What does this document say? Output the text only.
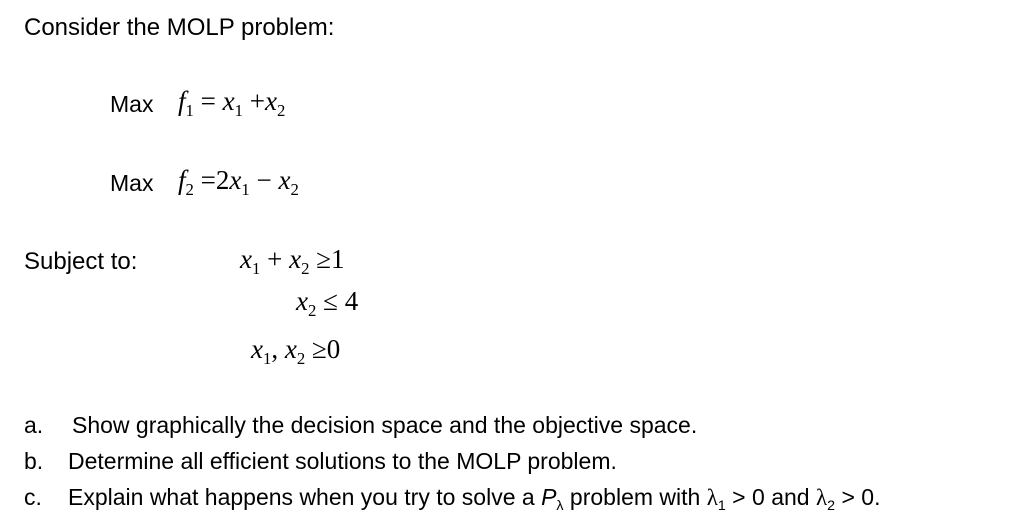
Consider the MOLP problem:
Max $f_1 = x_1 +x_2$
Max $f_2 =2x_1 - x_2$
Subject to:	$x_1 + x_2 \ge 1$
$x_2 \le 4$
$x_1$, $x_2 \ge 0$
a. Show graphically the decision space and the objective space.
b. Determine all efficient solutions to the MOLP problem.
c. Explain what happens when you try to solve a $P_\lambda$ problem with $\lambda_1 > 0$ and $\lambda_2 > 0$.
